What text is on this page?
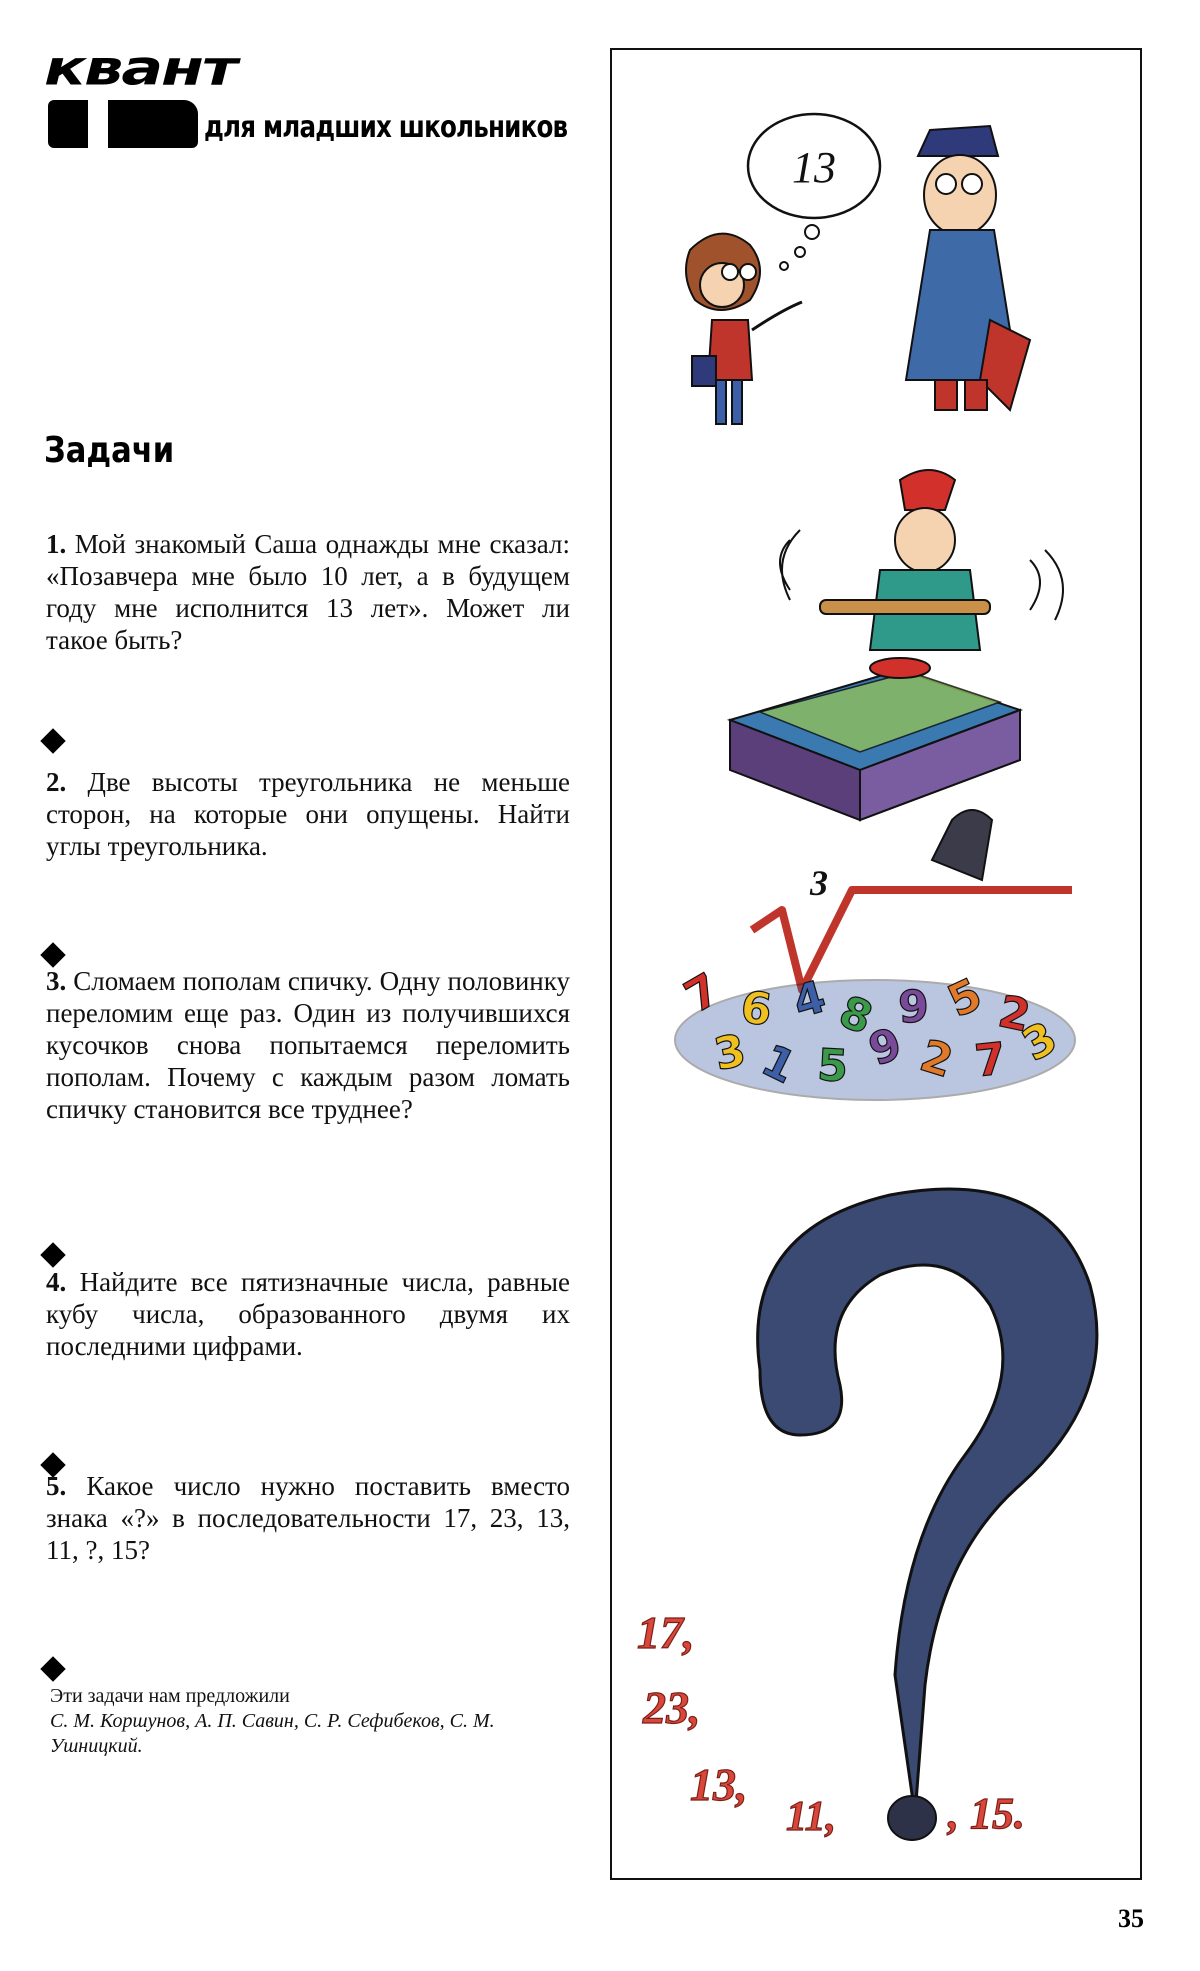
квант
для младших школьников
Задачи
1. Мой знакомый Саша однажды мне сказал: «Позавчера мне было 10 лет, а в будущем году мне исполнится 13 лет». Может ли такое быть?
2. Две высоты треугольника не меньше сторон, на которые они опущены. Найти углы треугольника.
3. Сломаем пополам спичку. Одну половинку переломим еще раз. Один из получившихся кусочков снова попытаемся переломить пополам. Почему с каждым разом ломать спичку становится все труднее?
4. Найдите все пятизначные числа, равные кубу числа, образованного двумя их последними цифрами.
5. Какое число нужно поставить вместо знака «?» в последовательности 17, 23, 13, 11, ?, 15?
Эти задачи нам предложили
С. М. Коршунов, А. П. Савин, С. Р. Сефибеков, С. М. Ушницкий.
13
3
7 6 4 8 9 5 2
3 1 5 9 2 7 3
17,
23,
13,
11,	, 15.
35
